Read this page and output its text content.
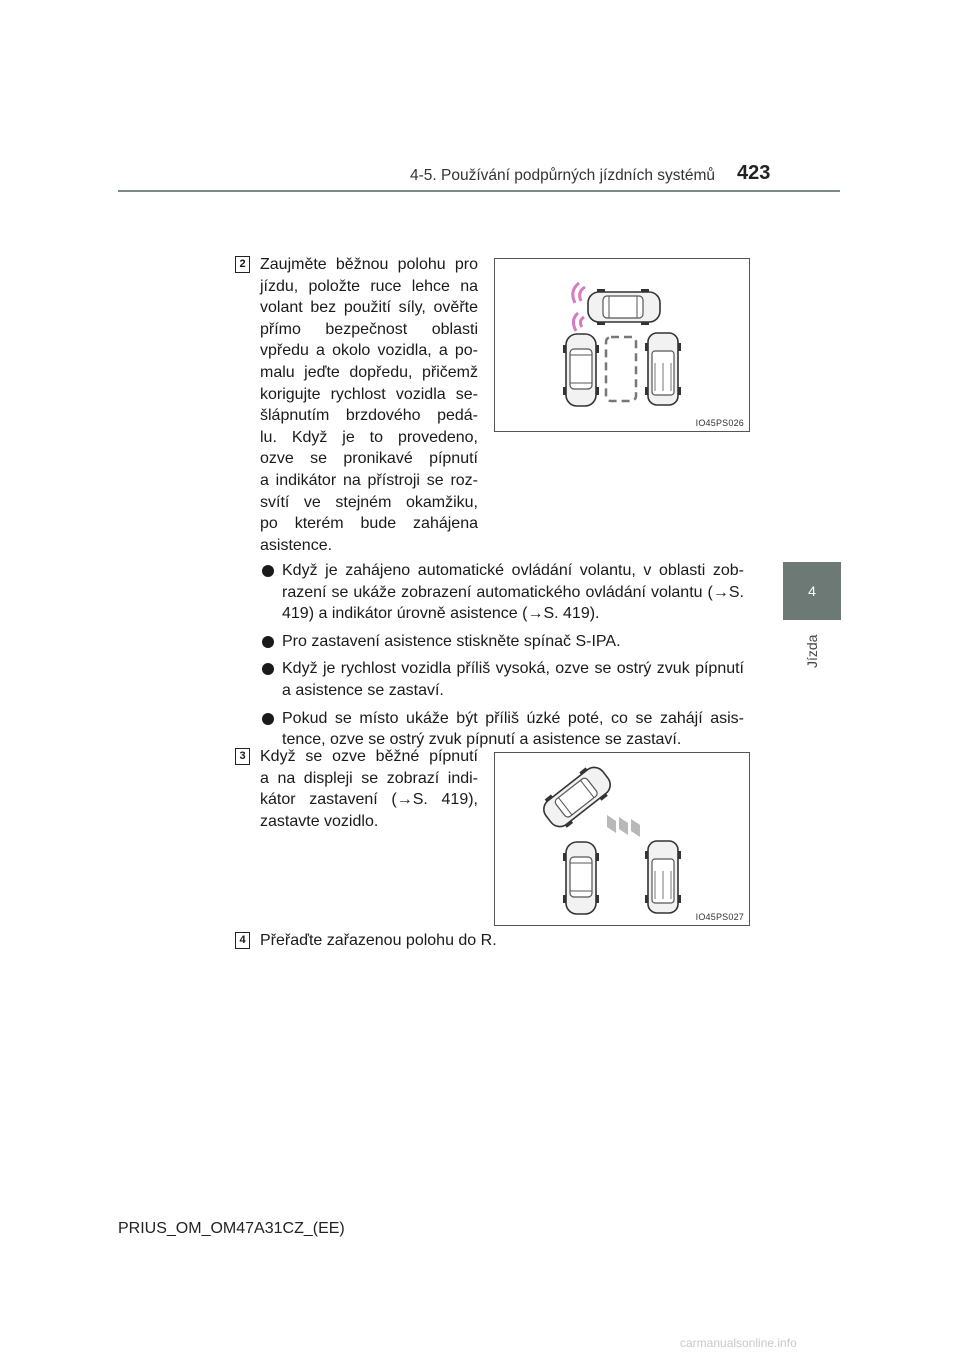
4-5. Používání podpůrných jízdních systémů 423
4
Jízda
2 Zaujměte běžnou polohu pro
jízdu, položte ruce lehce na
volant bez použití síly, ověřte
přímo bezpečnost oblasti
vpředu a okolo vozidla, a po-
malu jeďte dopředu, přičemž
korigujte rychlost vozidla se-
šlápnutím brzdového pedá-
lu. Když je to provedeno,
ozve se pronikavé pípnutí
a indikátor na přístroji se roz-
svítí ve stejném okamžiku,
po kterém bude zahájena
asistence.
IO45PS026
Když je zahájeno automatické ovládání volantu, v oblasti zob-razení se ukáže zobrazení automatického ovládání volantu (→S. 419) a indikátor úrovně asistence (→S. 419).
Pro zastavení asistence stiskněte spínač S-IPA.
Když je rychlost vozidla příliš vysoká, ozve se ostrý zvuk pípnutí a asistence se zastaví.
Pokud se místo ukáže být příliš úzké poté, co se zahájí asis-tence, ozve se ostrý zvuk pípnutí a asistence se zastaví.
3 Když se ozve běžné pípnutí
a na displeji se zobrazí indi-
kátor zastavení (→S. 419),
zastavte vozidlo.
IO45PS027
4 Přeřaďte zařazenou polohu do R.
PRIUS_OM_OM47A31CZ_(EE)
carmanualsonline.info
